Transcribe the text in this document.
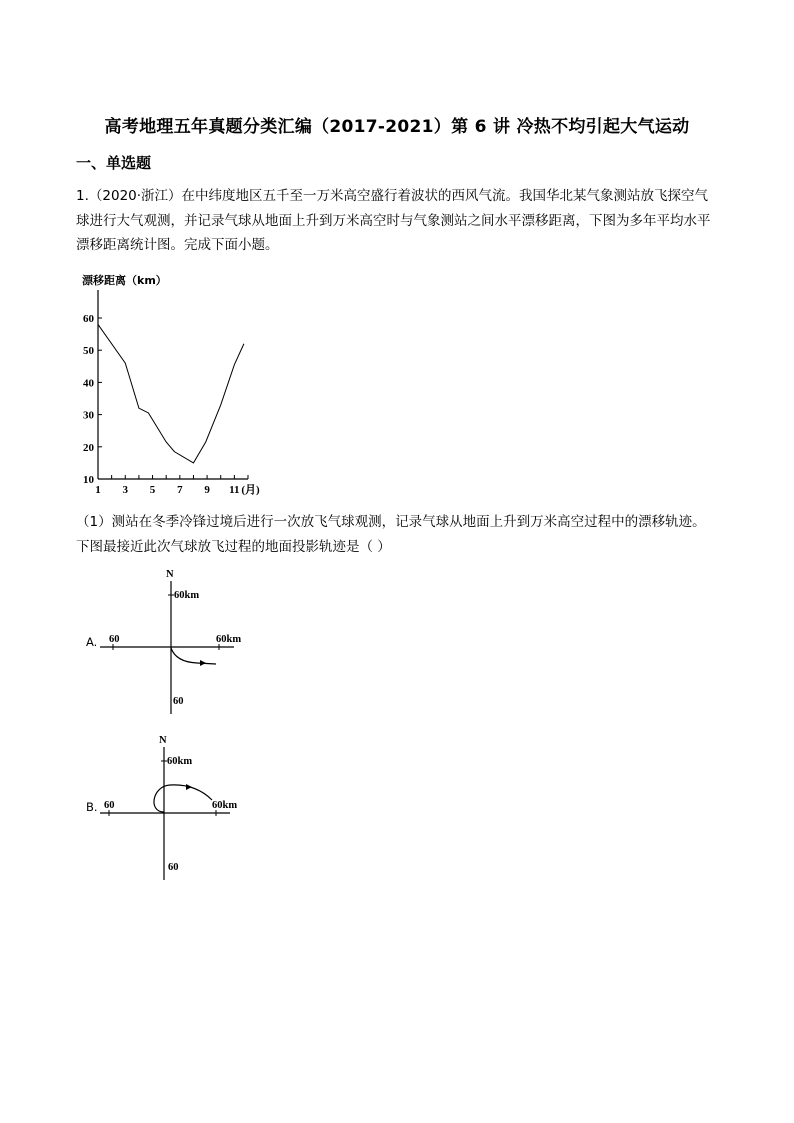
高考地理五年真题分类汇编（2017-2021）第 6 讲 冷热不均引起大气运动
一、单选题

1.（2020·浙江）在中纬度地区五千至一万米高空盛行着波状的西风气流。我国华北某气象测站放飞探空气球进行大气观测，并记录气球从地面上升到万米高空时与气象测站之间水平漂移距离，下图为多年平均水平漂移距离统计图。完成下面小题。

漂移距离（km）
10
20
30
40
50
60
1 3 5 7 9 11 (月)

（1）测站在冬季冷锋过境后进行一次放飞气球观测，记录气球从地面上升到万米高空过程中的漂移轨迹。下图最接近此次气球放飞过程的地面投影轨迹是（ ）

A.
N
60km
60	60km
60
B.
N
60km
60	60km
60
